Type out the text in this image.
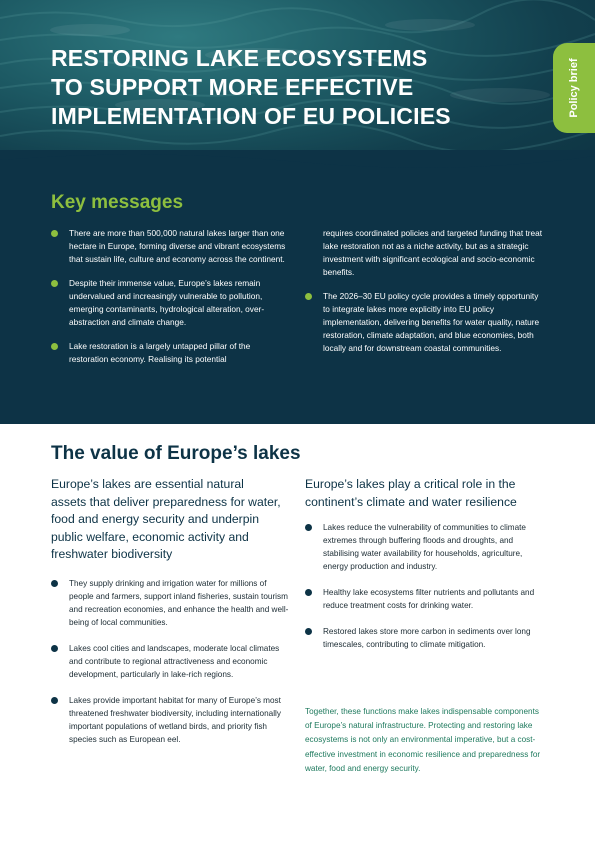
RESTORING LAKE ECOSYSTEMS
TO SUPPORT MORE EFFECTIVE
IMPLEMENTATION OF EU POLICIES	Policy brief
Key messages
There are more than 500,000 natural lakes larger than one hectare in Europe, forming diverse and vibrant ecosystems that sustain life, culture and economy across the continent.
Despite their immense value, Europe’s lakes remain undervalued and increasingly vulnerable to pollution, emerging contaminants, hydrological alteration, over-abstraction and climate change.
Lake restoration is a largely untapped pillar of the restoration economy. Realising its potential
requires coordinated policies and targeted funding that treat lake restoration not as a niche activity, but as a strategic investment with significant ecological and socio-economic benefits.
The 2026–30 EU policy cycle provides a timely opportunity to integrate lakes more explicitly into EU policy implementation, delivering benefits for water quality, nature restoration, climate adaptation, and blue economies, both locally and for downstream coastal communities.
The value of Europe’s lakes

Europe’s lakes are essential natural assets that deliver preparedness for water, food and energy security and underpin public welfare, economic activity and freshwater biodiversity

Europe’s lakes play a critical role in the continent’s climate and water resilience

They supply drinking and irrigation water for millions of people and farmers, support inland fisheries, sustain tourism and recreation economies, and enhance the health and well-being of local communities.
Lakes cool cities and landscapes, moderate local climates and contribute to regional attractiveness and economic development, particularly in lake-rich regions.
Lakes provide important habitat for many of Europe’s most threatened freshwater biodiversity, including internationally important populations of wetland birds, and priority fish species such as European eel.
Lakes reduce the vulnerability of communities to climate extremes through buffering floods and droughts, and stabilising water availability for households, agriculture, energy production and industry.
Healthy lake ecosystems filter nutrients and pollutants and reduce treatment costs for drinking water.
Restored lakes store more carbon in sediments over long timescales, contributing to climate mitigation.

Together, these functions make lakes indispensable components of Europe’s natural infrastructure. Protecting and restoring lake ecosystems is not only an environmental imperative, but a cost-effective investment in economic resilience and preparedness for water, food and energy security.
